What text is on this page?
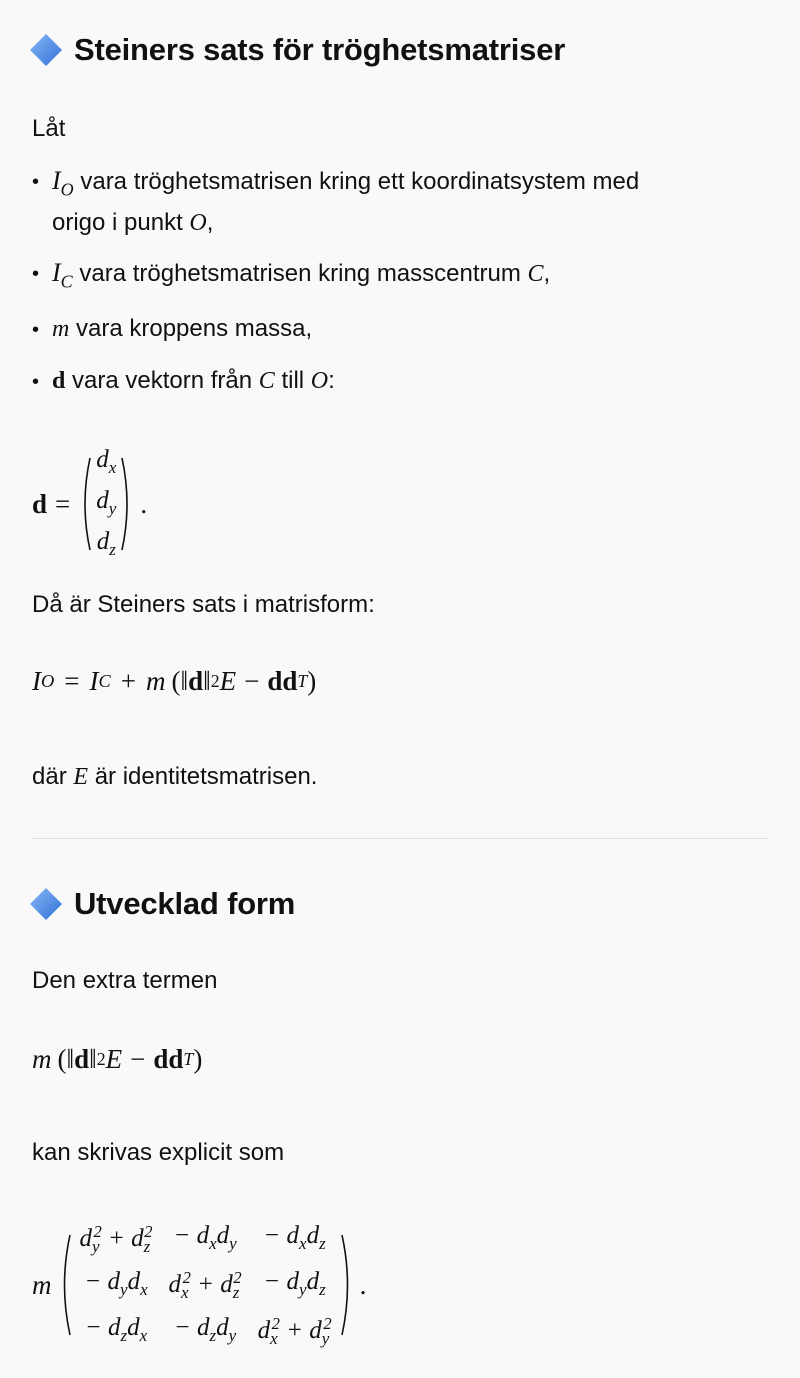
Steiners sats för tröghetsmatriser
Låt
• $I_O$ vara tröghetsmatrisen kring ett koordinatsystem med
origo i punkt O,
• $I_C$ vara tröghetsmatrisen kring masscentrum C,
• m vara kroppens massa,
• d vara vektorn från C till O:
d =
$d_x$
$d_y$
$d_z$
.
Då är Steiners sats i matrisform:
I O = I C + m (‖ d ‖ 2 E − dd T )
där E är identitetsmatrisen.
Utvecklad form
Den extra termen
m (‖ d ‖ 2 E − dd T )
kan skrivas explicit som
m
$d_y^2 + d_z^2$	− $d_xd_y$	− $d_xd_z$
− $d_yd_x$	$d_x^2 + d_z^2$	− $d_yd_z$
− $d_zd_x$	− $d_zd_y$	$d_x^2 + d_y^2$
.
